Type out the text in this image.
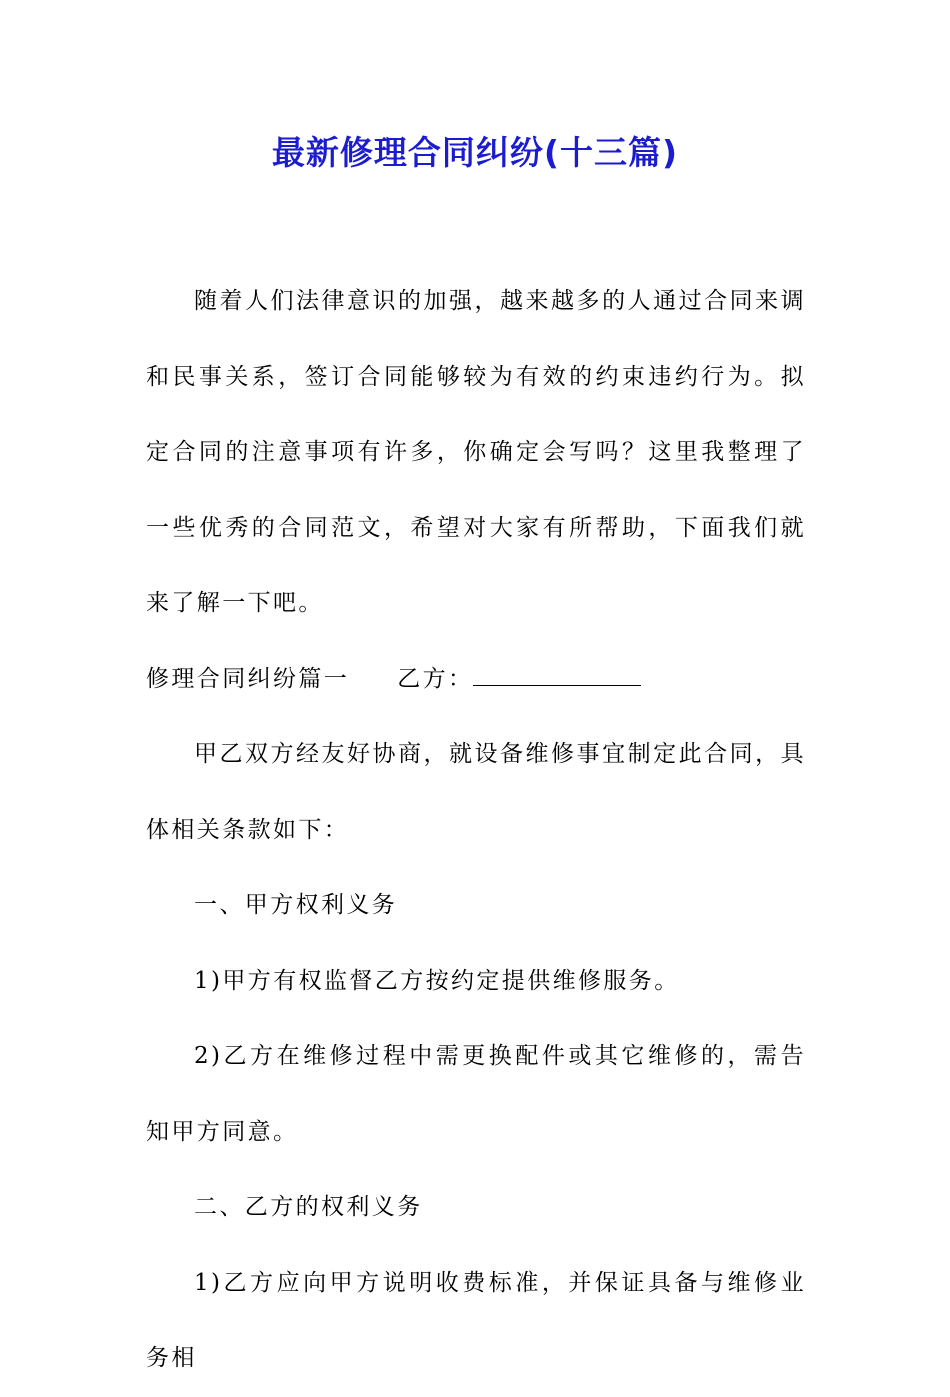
最新修理合同纠纷(十三篇)

随着人们法律意识的加强，越来越多的人通过合同来调和民事关系，签订合同能够较为有效的约束违约行为。拟定合同的注意事项有许多，你确定会写吗？这里我整理了一些优秀的合同范文，希望对大家有所帮助，下面我们就来了解一下吧。

修理合同纠纷篇一 乙方：

甲乙双方经友好协商，就设备维修事宜制定此合同，具体相关条款如下：

一、甲方权利义务

1)甲方有权监督乙方按约定提供维修服务。

2)乙方在维修过程中需更换配件或其它维修的，需告知甲方同意。

二、乙方的权利义务

1)乙方应向甲方说明收费标准，并保证具备与维修业务相
